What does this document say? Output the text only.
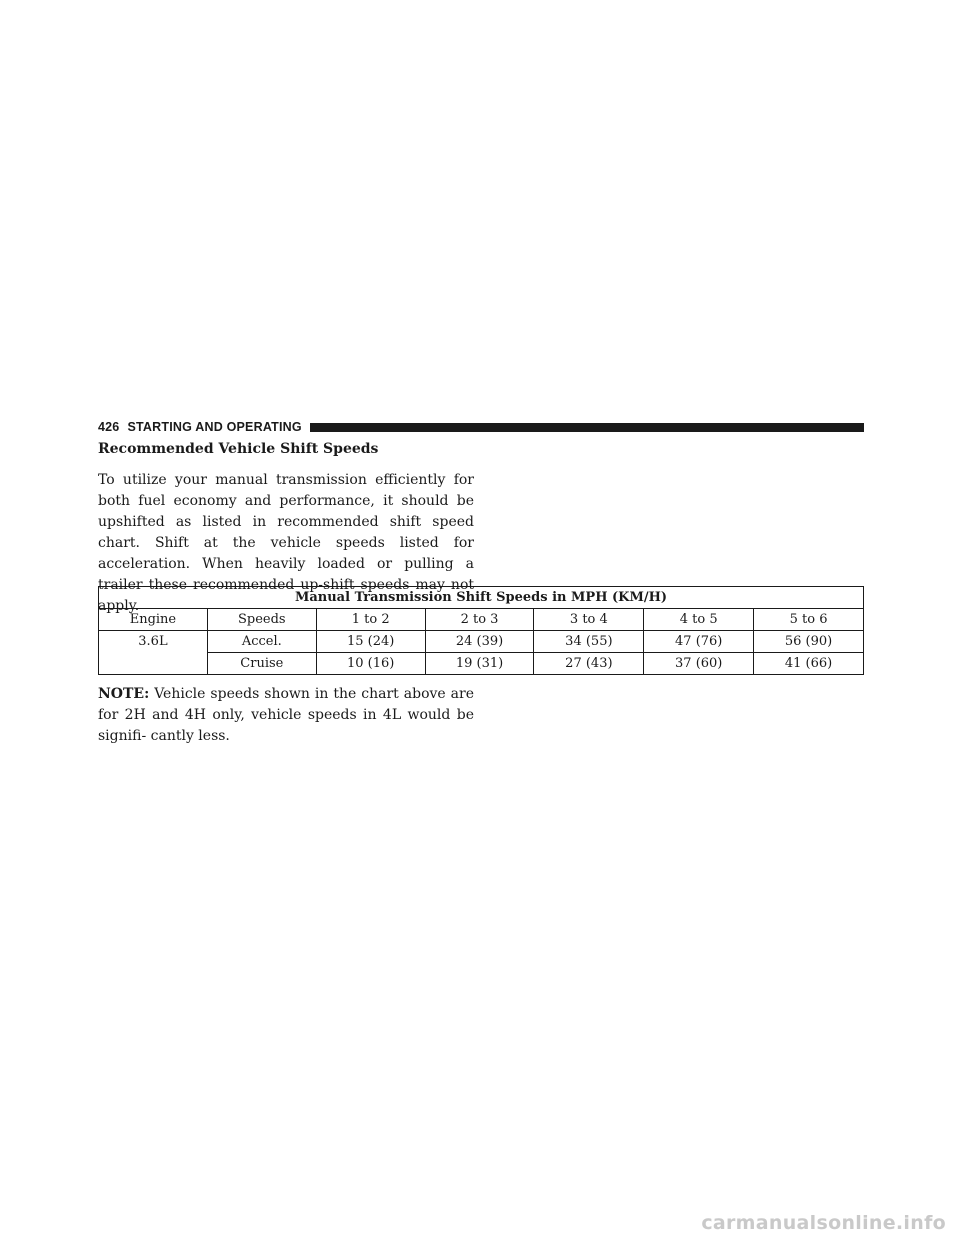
426 STARTING AND OPERATING
Recommended Vehicle Shift Speeds

To utilize your manual transmission efficiently for both fuel economy and performance, it should be upshifted as listed in recommended shift speed chart. Shift at the vehicle speeds listed for acceleration. When heavily loaded or pulling a trailer these recommended up-shift speeds may not apply.

Manual Transmission Shift Speeds in MPH (KM/H)						
Engine	Speeds	1 to 2	2 to 3	3 to 4	4 to 5	5 to 6
3.6L	Accel.	15 (24)	24 (39)	34 (55)	47 (76)	56 (90)
	Cruise	10 (16)	19 (31)	27 (43)	37 (60)	41 (66)

NOTE: Vehicle speeds shown in the chart above are for 2H and 4H only, vehicle speeds in 4L would be signifi- cantly less.

carmanualsonline.info
